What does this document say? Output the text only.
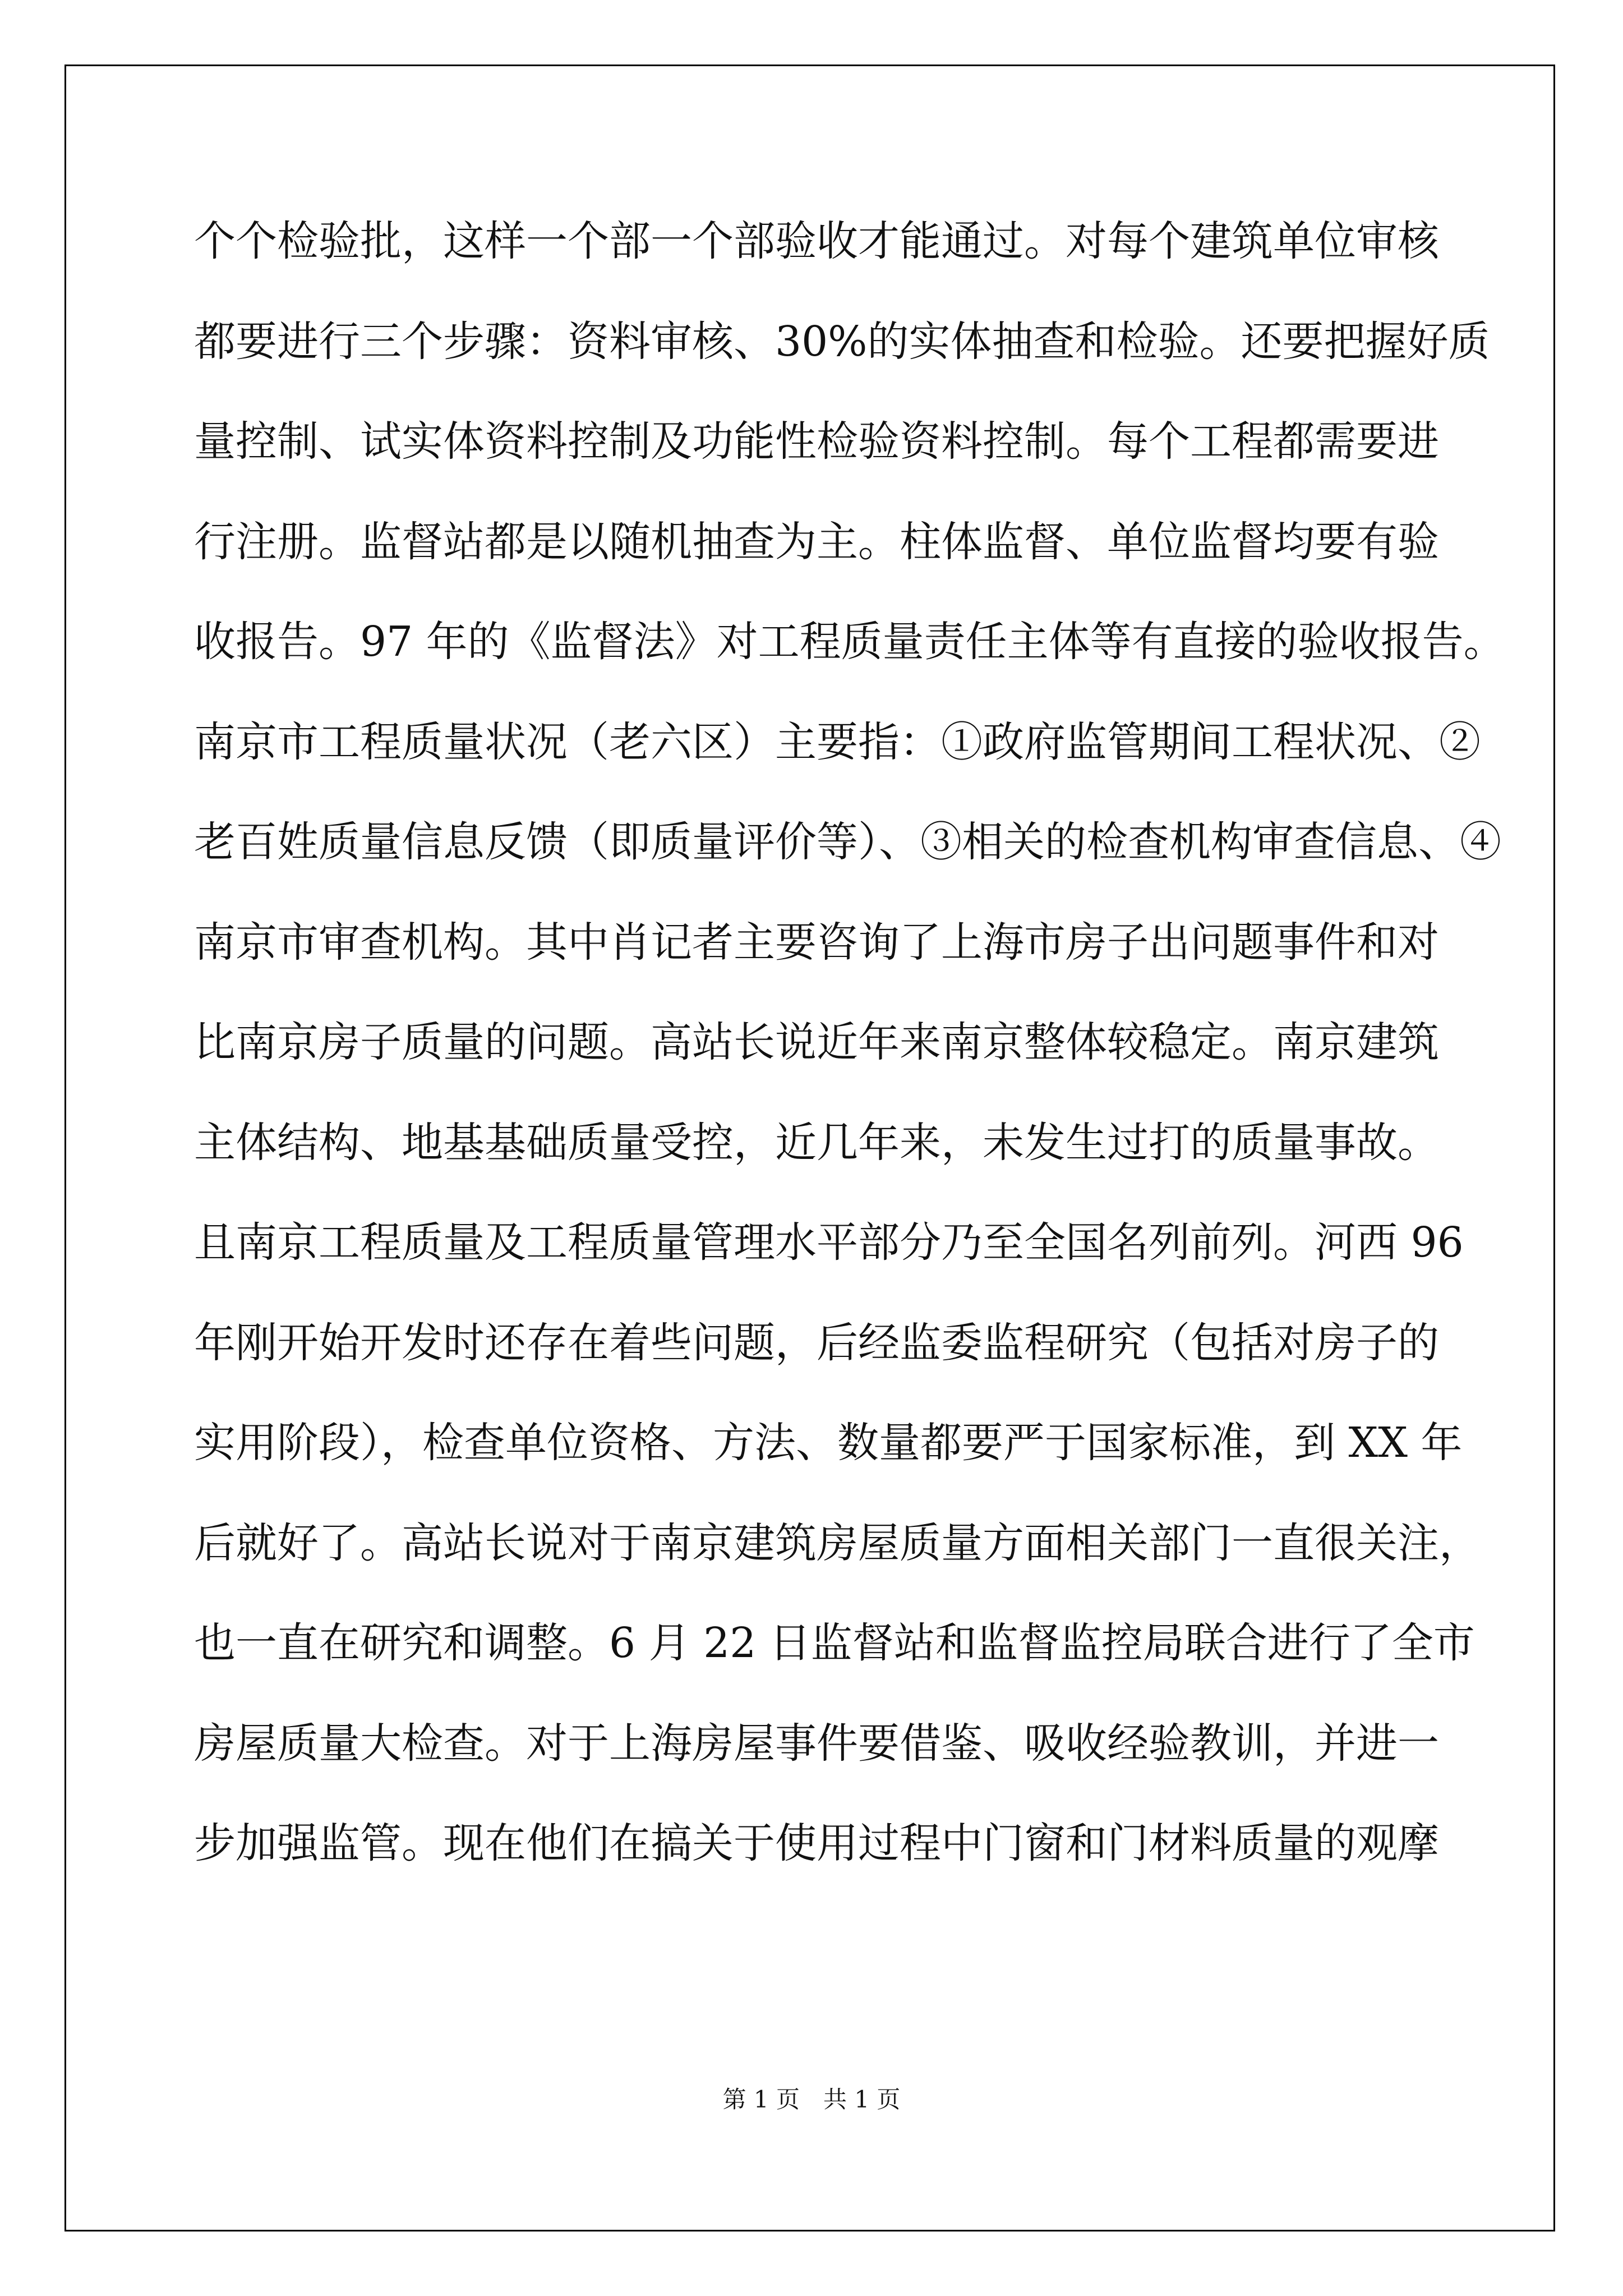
个个检验批，这样一个部一个部验收才能通过。对每个建筑单位审核
都要进行三个步骤：资料审核、30%的实体抽查和检验。还要把握好质
量控制、试实体资料控制及功能性检验资料控制。每个工程都需要进
行注册。监督站都是以随机抽查为主。柱体监督、单位监督均要有验
收报告。97 年的《监督法》对工程质量责任主体等有直接的验收报告。
南京市工程质量状况（老六区）主要指：①政府监管期间工程状况、②
老百姓质量信息反馈（即质量评价等）、③相关的检查机构审查信息、④
南京市审查机构。其中肖记者主要咨询了上海市房子出问题事件和对
比南京房子质量的问题。高站长说近年来南京整体较稳定。南京建筑
主体结构、地基基础质量受控，近几年来，未发生过打的质量事故。
且南京工程质量及工程质量管理水平部分乃至全国名列前列。河西 96
年刚开始开发时还存在着些问题，后经监委监程研究（包括对房子的
实用阶段），检查单位资格、方法、数量都要严于国家标准，到 XX 年
后就好了。高站长说对于南京建筑房屋质量方面相关部门一直很关注，
也一直在研究和调整。6 月 22 日监督站和监督监控局联合进行了全市
房屋质量大检查。对于上海房屋事件要借鉴、吸收经验教训，并进一
步加强监管。现在他们在搞关于使用过程中门窗和门材料质量的观摩
第 1 页　共 1 页
